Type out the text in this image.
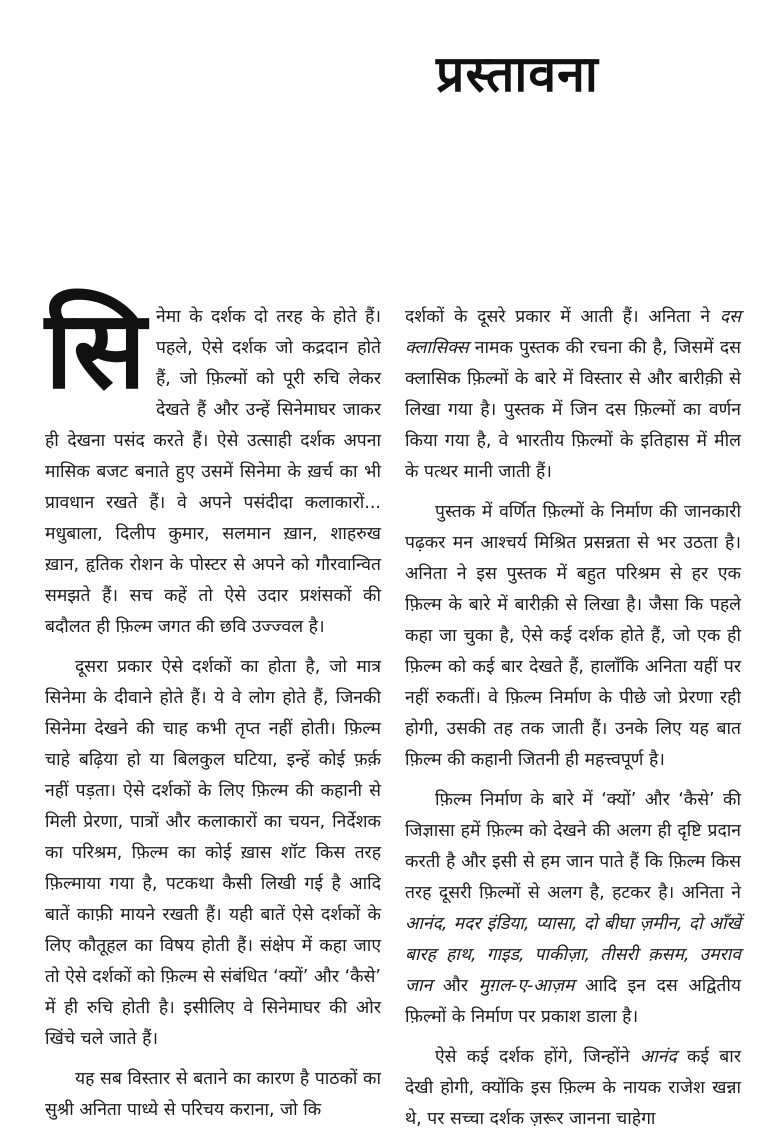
प्रस्तावना

सिनेमा के दर्शक दो तरह के होते हैं। पहले, ऐसे दर्शक जो कद्रदान होते हैं, जो फ़िल्मों को पूरी रुचि लेकर देखते हैं और उन्हें सिनेमाघर जाकर ही देखना पसंद करते हैं। ऐसे उत्साही दर्शक अपना मासिक बजट बनाते हुए उसमें सिनेमा के ख़र्च का भी प्रावधान रखते हैं। वे अपने पसंदीदा कलाकारों... मधुबाला, दिलीप कुमार, सलमान ख़ान, शाहरुख ख़ान, हृतिक रोशन के पोस्टर से अपने को गौरवान्वित समझते हैं। सच कहें तो ऐसे उदार प्रशंसकों की बदौलत ही फ़िल्म जगत की छवि उज्ज्वल है।

दूसरा प्रकार ऐसे दर्शकों का होता है, जो मात्र सिनेमा के दीवाने होते हैं। ये वे लोग होते हैं, जिनकी सिनेमा देखने की चाह कभी तृप्त नहीं होती। फ़िल्म चाहे बढ़िया हो या बिलकुल घटिया, इन्हें कोई फ़र्क़ नहीं पड़ता। ऐसे दर्शकों के लिए फ़िल्म की कहानी से मिली प्रेरणा, पात्रों और कलाकारों का चयन, निर्देशक का परिश्रम, फ़िल्म का कोई ख़ास शॉट किस तरह फ़िल्माया गया है, पटकथा कैसी लिखी गई है आदि बातें काफ़ी मायने रखती हैं। यही बातें ऐसे दर्शकों के लिए कौतूहल का विषय होती हैं। संक्षेप में कहा जाए तो ऐसे दर्शकों को फ़िल्म से संबंधित ‘क्यों’ और ‘कैसे’ में ही रुचि होती है। इसीलिए वे सिनेमाघर की ओर खिंचे चले जाते हैं।

यह सब विस्तार से बताने का कारण है पाठकों का सुश्री अनिता पाध्ये से परिचय कराना, जो कि

दर्शकों के दूसरे प्रकार में आती हैं। अनिता ने दस क्लासिक्स नामक पुस्तक की रचना की है, जिसमें दस क्लासिक फ़िल्मों के बारे में विस्तार से और बारीक़ी से लिखा गया है। पुस्तक में जिन दस फ़िल्मों का वर्णन किया गया है, वे भारतीय फ़िल्मों के इतिहास में मील के पत्थर मानी जाती हैं।

पुस्तक में वर्णित फ़िल्मों के निर्माण की जानकारी पढ़कर मन आश्चर्य मिश्रित प्रसन्नता से भर उठता है। अनिता ने इस पुस्तक में बहुत परिश्रम से हर एक फ़िल्म के बारे में बारीक़ी से लिखा है। जैसा कि पहले कहा जा चुका है, ऐसे कई दर्शक होते हैं, जो एक ही फ़िल्म को कई बार देखते हैं, हालाँकि अनिता यहीं पर नहीं रुकतीं। वे फ़िल्म निर्माण के पीछे जो प्रेरणा रही होगी, उसकी तह तक जाती हैं। उनके लिए यह बात फ़िल्म की कहानी जितनी ही महत्त्वपूर्ण है।

फ़िल्म निर्माण के बारे में ‘क्यों’ और ‘कैसे’ की जिज्ञासा हमें फ़िल्म को देखने की अलग ही दृष्टि प्रदान करती है और इसी से हम जान पाते हैं कि फ़िल्म किस तरह दूसरी फ़िल्मों से अलग है, हटकर है। अनिता ने आनंद, मदर इंडिया, प्यासा, दो बीघा ज़मीन, दो आँखें बारह हाथ, गाइड, पाकीज़ा, तीसरी क़सम, उमराव जान और मुग़ल-ए-आज़म आदि इन दस अद्वितीय फ़िल्मों के निर्माण पर प्रकाश डाला है।

ऐसे कई दर्शक होंगे, जिन्होंने आनंद कई बार देखी होगी, क्योंकि इस फ़िल्म के नायक राजेश खन्ना थे, पर सच्चा दर्शक ज़रूर जानना चाहेगा
